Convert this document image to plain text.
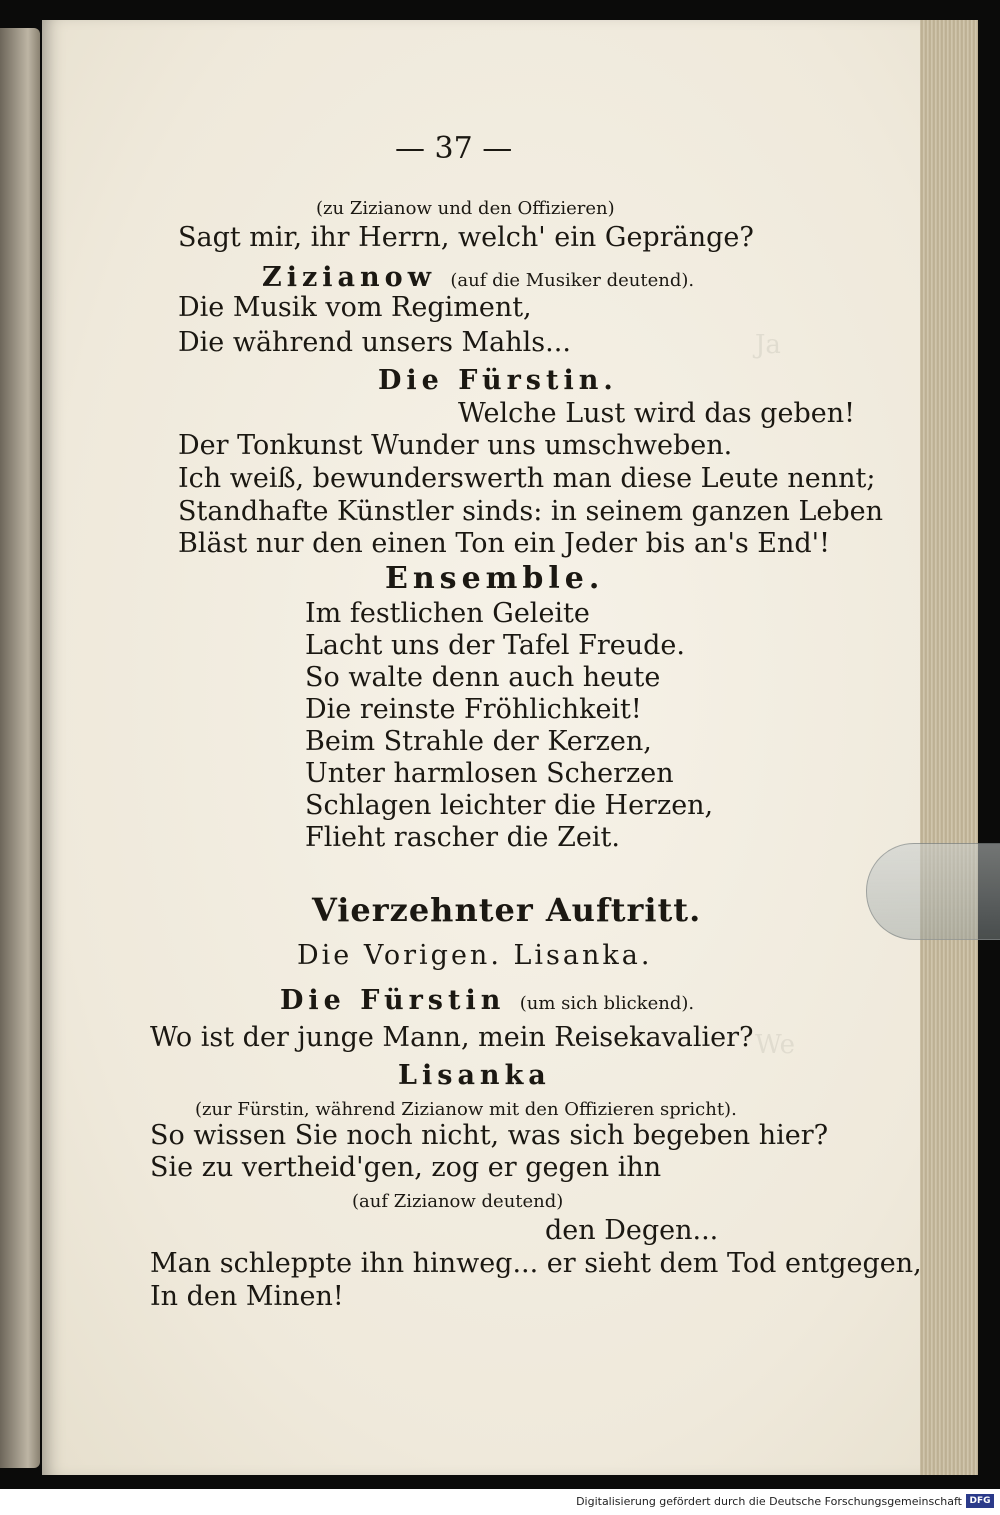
Ja
We
— 37 —
(zu Zizianow und den Offizieren)
Sagt mir, ihr Herrn, welch' ein Gepränge?
Zizianow (auf die Musiker deutend).
Die Musik vom Regiment,
Die während unsers Mahls...
Die Fürstin.
Welche Lust wird das geben!
Der Tonkunst Wunder uns umschweben.
Ich weiß, bewunderswerth man diese Leute nennt;
Standhafte Künstler sinds: in seinem ganzen Leben
Bläst nur den einen Ton ein Jeder bis an's End'!
Ensemble.
Im festlichen Geleite
Lacht uns der Tafel Freude.
So walte denn auch heute
Die reinste Fröhlichkeit!
Beim Strahle der Kerzen,
Unter harmlosen Scherzen
Schlagen leichter die Herzen,
Flieht rascher die Zeit.
Vierzehnter Auftritt.
Die Vorigen. Lisanka.
Die Fürstin (um sich blickend).
Wo ist der junge Mann, mein Reisekavalier?
Lisanka
(zur Fürstin, während Zizianow mit den Offizieren spricht).
So wissen Sie noch nicht, was sich begeben hier?
Sie zu vertheid'gen, zog er gegen ihn
(auf Zizianow deutend)
den Degen...
Man schleppte ihn hinweg... er sieht dem Tod entgegen,
In den Minen!
Digitalisierung gefördert durch die Deutsche Forschungsgemeinschaft DFG
